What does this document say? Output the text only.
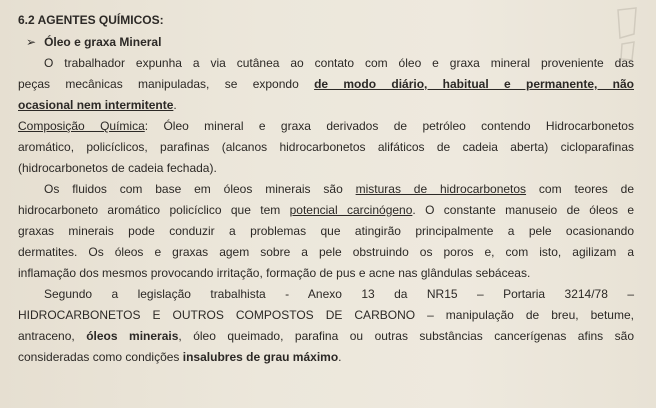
6.2 AGENTES QUÍMICOS:

➢ Óleo e graxa Mineral

O trabalhador expunha a via cutânea ao contato com óleo e graxa mineral proveniente das

peças mecânicas manipuladas, se expondo de modo diário, habitual e permanente, não

ocasional nem intermitente.

Composição Química: Óleo mineral e graxa derivados de petróleo contendo Hidrocarbonetos

aromático, policíclicos, parafinas (alcanos hidrocarbonetos alifáticos de cadeia aberta) cicloparafinas

(hidrocarbonetos de cadeia fechada).

Os fluidos com base em óleos minerais são misturas de hidrocarbonetos com teores de

hidrocarboneto aromático policíclico que tem potencial carcinógeno. O constante manuseio de óleos e

graxas minerais pode conduzir a problemas que atingirão principalmente a pele ocasionando

dermatites. Os óleos e graxas agem sobre a pele obstruindo os poros e, com isto, agilizam a

inflamação dos mesmos provocando irritação, formação de pus e acne nas glândulas sebáceas.

Segundo a legislação trabalhista - Anexo 13 da NR15 – Portaria 3214/78 –

HIDROCARBONETOS E OUTROS COMPOSTOS DE CARBONO – manipulação de breu, betume,

antraceno, óleos minerais, óleo queimado, parafina ou outras substâncias cancerígenas afins são

consideradas como condições insalubres de grau máximo.
